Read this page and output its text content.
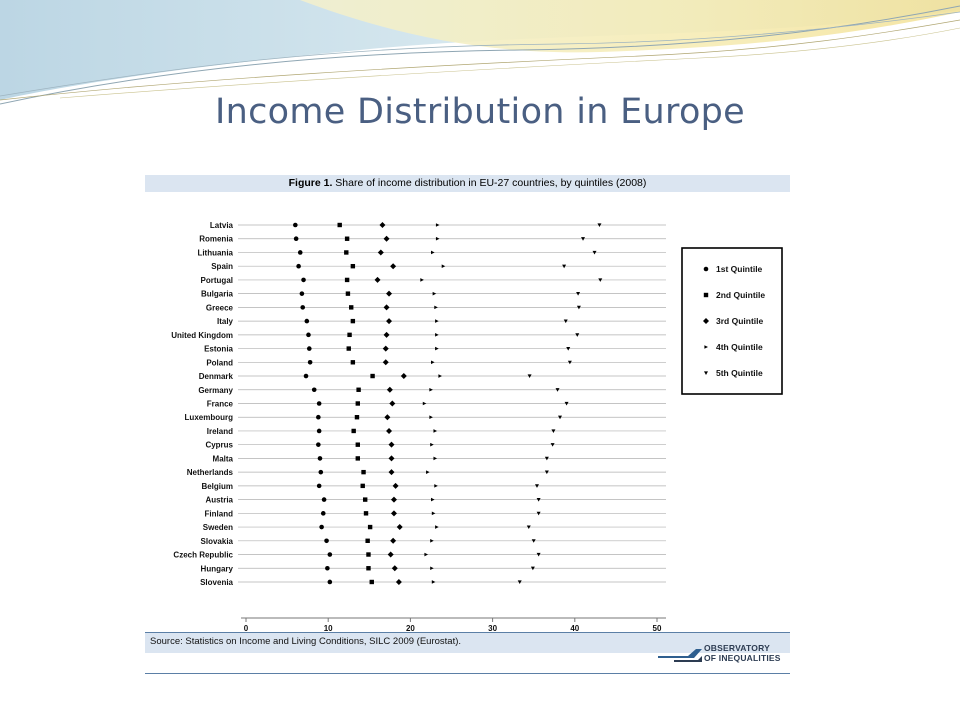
Income Distribution in Europe
Figure 1. Share of income distribution in EU-27 countries, by quintiles (2008)
0	10	20	30	40	50
Latvia
Romenia
Lithuania
Spain
Portugal
Bulgaria
Greece
Italy
United Kingdom
Estonia
Poland
Denmark
Germany
France
Luxembourg
Ireland
Cyprus
Malta
Netherlands
Belgium
Austria
Finland
Sweden
Slovakia
Czech Republic
Hungary
Slovenia
1st Quintile
2nd Quintile
3rd Quintile
4th Quintile
5th Quintile
Source: Statistics on Income and Living Conditions, SILC 2009 (Eurostat).
OBSERVATORY
OF INEQUALITIES
